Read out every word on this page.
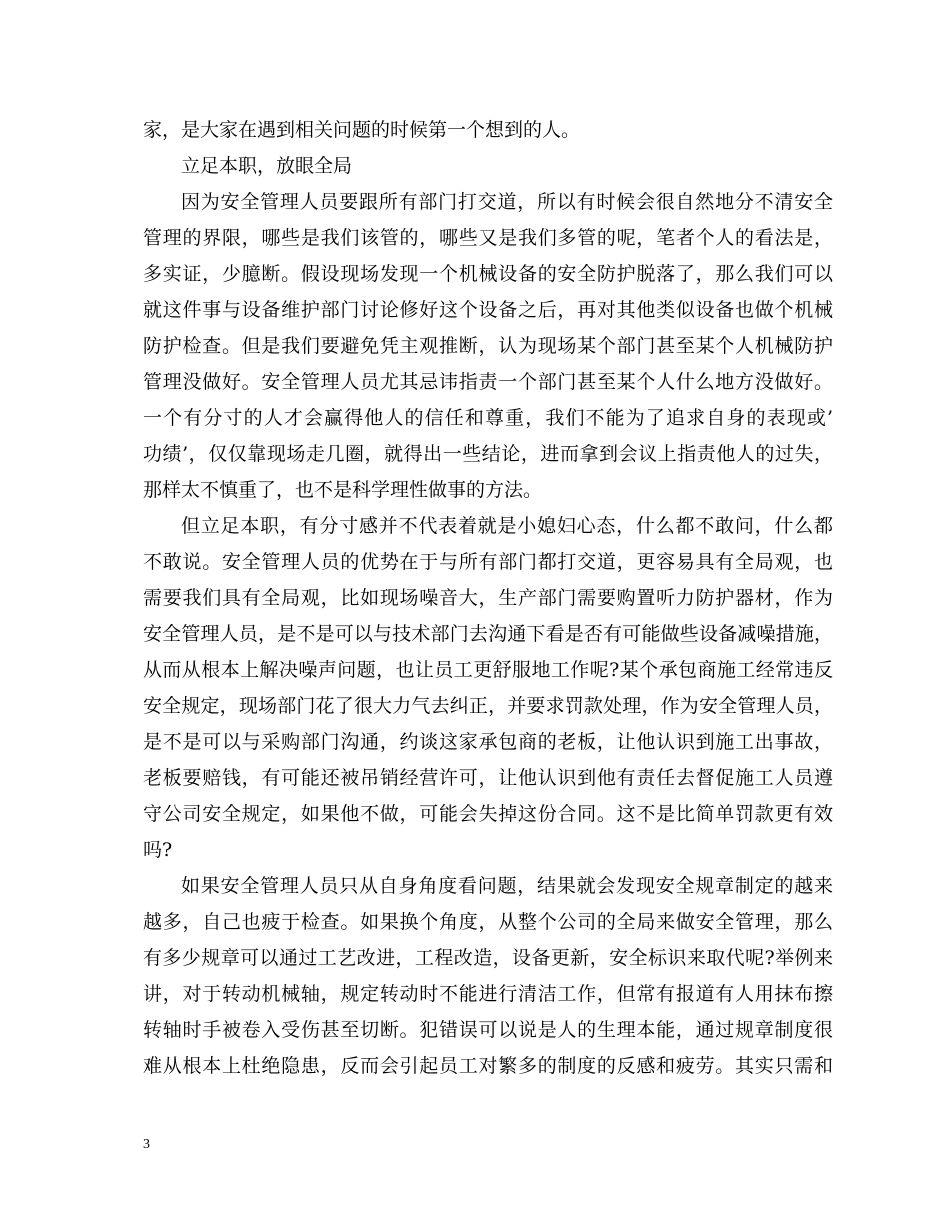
家，是大家在遇到相关问题的时候第一个想到的人。
立足本职，放眼全局
因为安全管理人员要跟所有部门打交道，所以有时候会很自然地分不清安全
管理的界限，哪些是我们该管的，哪些又是我们多管的呢，笔者个人的看法是，
多实证，少臆断。假设现场发现一个机械设备的安全防护脱落了，那么我们可以
就这件事与设备维护部门讨论修好这个设备之后，再对其他类似设备也做个机械
防护检查。但是我们要避免凭主观推断，认为现场某个部门甚至某个人机械防护
管理没做好。安全管理人员尤其忌讳指责一个部门甚至某个人什么地方没做好。
一个有分寸的人才会赢得他人的信任和尊重，我们不能为了追求自身的表现或’
功绩’，仅仅靠现场走几圈，就得出一些结论，进而拿到会议上指责他人的过失，
那样太不慎重了，也不是科学理性做事的方法。
但立足本职，有分寸感并不代表着就是小媳妇心态，什么都不敢问，什么都
不敢说。安全管理人员的优势在于与所有部门都打交道，更容易具有全局观，也
需要我们具有全局观，比如现场噪音大，生产部门需要购置听力防护器材，作为
安全管理人员，是不是可以与技术部门去沟通下看是否有可能做些设备减噪措施，
从而从根本上解决噪声问题，也让员工更舒服地工作呢?某个承包商施工经常违反
安全规定，现场部门花了很大力气去纠正，并要求罚款处理，作为安全管理人员，
是不是可以与采购部门沟通，约谈这家承包商的老板，让他认识到施工出事故，
老板要赔钱，有可能还被吊销经营许可，让他认识到他有责任去督促施工人员遵
守公司安全规定，如果他不做，可能会失掉这份合同。这不是比简单罚款更有效
吗?
如果安全管理人员只从自身角度看问题，结果就会发现安全规章制定的越来
越多，自己也疲于检查。如果换个角度，从整个公司的全局来做安全管理，那么
有多少规章可以通过工艺改进，工程改造，设备更新，安全标识来取代呢?举例来
讲，对于转动机械轴，规定转动时不能进行清洁工作，但常有报道有人用抹布擦
转轴时手被卷入受伤甚至切断。犯错误可以说是人的生理本能，通过规章制度很
难从根本上杜绝隐患，反而会引起员工对繁多的制度的反感和疲劳。其实只需和
3
